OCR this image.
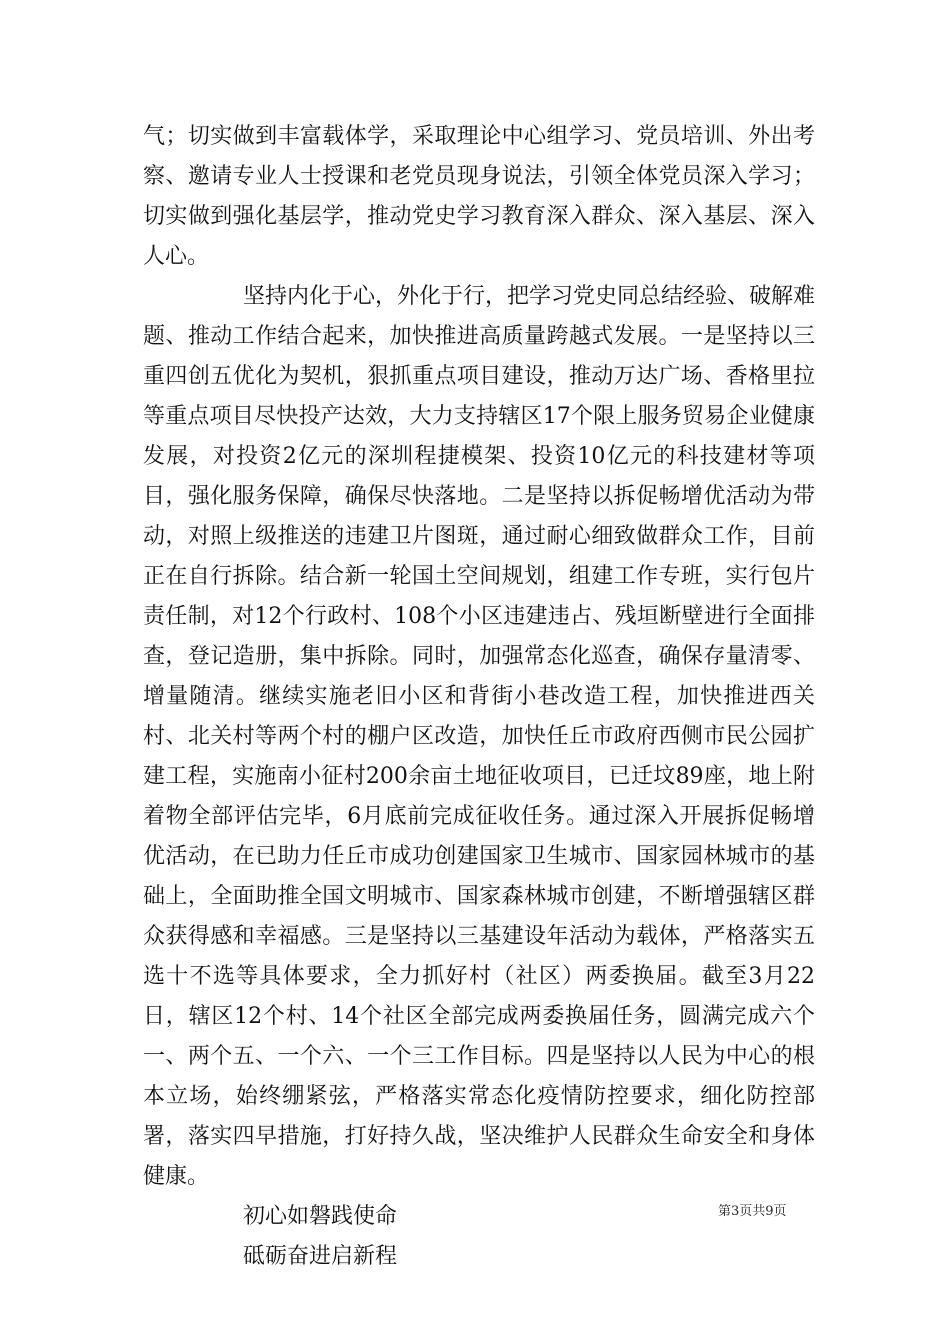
气；切实做到丰富载体学，采取理论中心组学习、党员培训、外出考察、邀请专业人士授课和老党员现身说法，引领全体党员深入学习；切实做到强化基层学，推动党史学习教育深入群众、深入基层、深入人心。

坚持内化于心，外化于行，把学习党史同总结经验、破解难题、推动工作结合起来，加快推进高质量跨越式发展。一是坚持以三重四创五优化为契机，狠抓重点项目建设，推动万达广场、香格里拉等重点项目尽快投产达效，大力支持辖区17个限上服务贸易企业健康发展，对投资2亿元的深圳程捷模架、投资10亿元的科技建材等项目，强化服务保障，确保尽快落地。二是坚持以拆促畅增优活动为带动，对照上级推送的违建卫片图斑，通过耐心细致做群众工作，目前正在自行拆除。结合新一轮国土空间规划，组建工作专班，实行包片责任制，对12个行政村、108个小区违建违占、残垣断壁进行全面排查，登记造册，集中拆除。同时，加强常态化巡查，确保存量清零、增量随清。继续实施老旧小区和背街小巷改造工程，加快推进西关村、北关村等两个村的棚户区改造，加快任丘市政府西侧市民公园扩建工程，实施南小征村200余亩土地征收项目，已迁坟89座，地上附着物全部评估完毕，6月底前完成征收任务。通过深入开展拆促畅增优活动，在已助力任丘市成功创建国家卫生城市、国家园林城市的基础上，全面助推全国文明城市、国家森林城市创建，不断增强辖区群众获得感和幸福感。三是坚持以三基建设年活动为载体，严格落实五选十不选等具体要求，全力抓好村（社区）两委换届。截至3月22日，辖区12个村、14个社区全部完成两委换届任务，圆满完成六个一、两个五、一个六、一个三工作目标。四是坚持以人民为中心的根本立场，始终绷紧弦，严格落实常态化疫情防控要求，细化防控部署，落实四早措施，打好持久战，坚决维护人民群众生命安全和身体健康。

初心如磐践使命

砥砺奋进启新程

第3页共9页
